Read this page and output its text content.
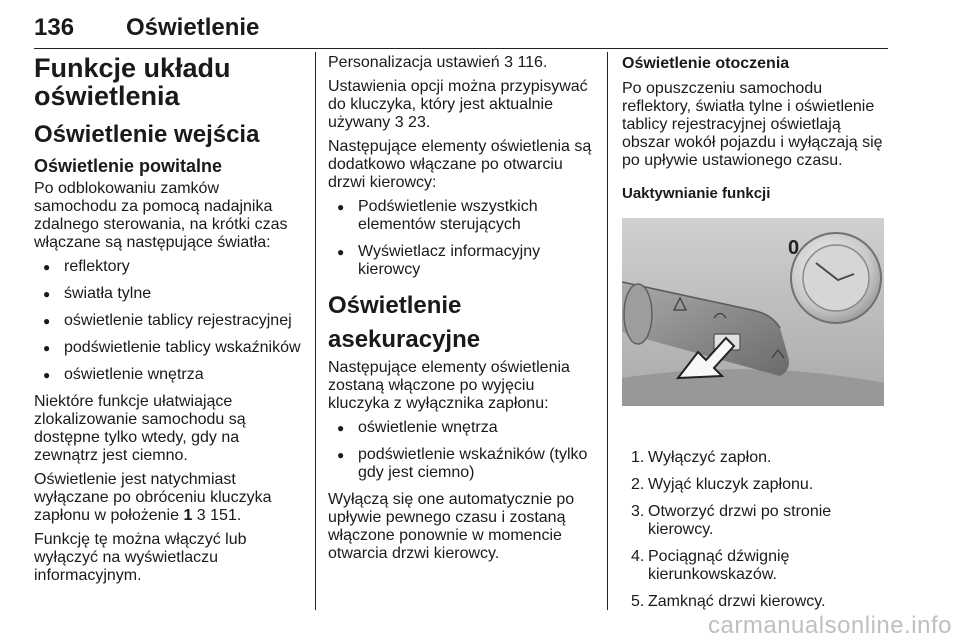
136 Oświetlenie
Funkcje układu
oświetlenia
Oświetlenie wejścia
Oświetlenie powitalne

Po odblokowaniu zamków samochodu za pomocą nadajnika zdalnego sterowania, na krótki czas włączane są następujące światła:

● reflektory
● światła tylne
● oświetlenie tablicy rejestracyjnej
● podświetlenie tablicy wskaźników
● oświetlenie wnętrza

Niektóre funkcje ułatwiające zlokalizowanie samochodu są dostępne tylko wtedy, gdy na zewnątrz jest ciemno.

Oświetlenie jest natychmiast wyłączane po obróceniu kluczyka zapłonu w położenie 1 3 151.

Funkcję tę można włączyć lub wyłączyć na wyświetlaczu informacyjnym.

Personalizacja ustawień 3 116.

Ustawienia opcji można przypisywać do kluczyka, który jest aktualnie używany 3 23.

Następujące elementy oświetlenia są dodatkowo włączane po otwarciu drzwi kierowcy:

● Podświetlenie wszystkich elementów sterujących
● Wyświetlacz informacyjny kierowcy
Oświetlenie asekuracyjne

Następujące elementy oświetlenia zostaną włączone po wyjęciu kluczyka z wyłącznika zapłonu:

● oświetlenie wnętrza
● podświetlenie wskaźników (tylko gdy jest ciemno)

Wyłączą się one automatycznie po upływie pewnego czasu i zostaną włączone ponownie w momencie otwarcia drzwi kierowcy.

Oświetlenie otoczenia

Po opuszczeniu samochodu reflektory, światła tylne i oświetlenie tablicy rejestracyjnej oświetlają obszar wokół pojazdu i wyłączają się po upływie ustawionego czasu.

Uaktywnianie funkcji
0
1. Wyłączyć zapłon.
2. Wyjąć kluczyk zapłonu.
3. Otworzyć drzwi po stronie kierowcy.
4. Pociągnąć dźwignię kierunkowskazów.
5. Zamknąć drzwi kierowcy.
carmanualsonline.info
